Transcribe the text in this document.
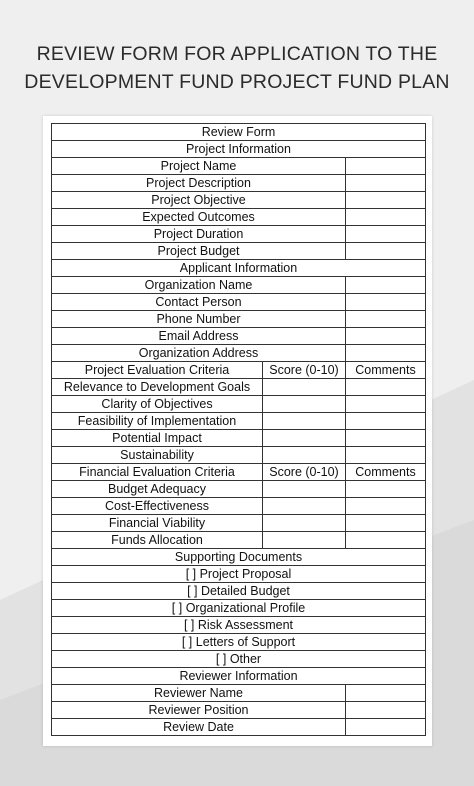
REVIEW FORM FOR APPLICATION TO THE
DEVELOPMENT FUND PROJECT FUND PLAN
Review Form		
Project Information		
Project Name		
Project Description		
Project Objective		
Expected Outcomes		
Project Duration		
Project Budget		
Applicant Information		
Organization Name		
Contact Person		
Phone Number		
Email Address		
Organization Address		
Project Evaluation Criteria	Score (0-10)	Comments
Relevance to Development Goals		
Clarity of Objectives		
Feasibility of Implementation		
Potential Impact		
Sustainability		
Financial Evaluation Criteria	Score (0-10)	Comments
Budget Adequacy		
Cost-Effectiveness		
Financial Viability		
Funds Allocation		
Supporting Documents		
[ ] Project Proposal		
[ ] Detailed Budget		
[ ] Organizational Profile		
[ ] Risk Assessment		
[ ] Letters of Support		
[ ] Other		
Reviewer Information		
Reviewer Name		
Reviewer Position		
Review Date		
